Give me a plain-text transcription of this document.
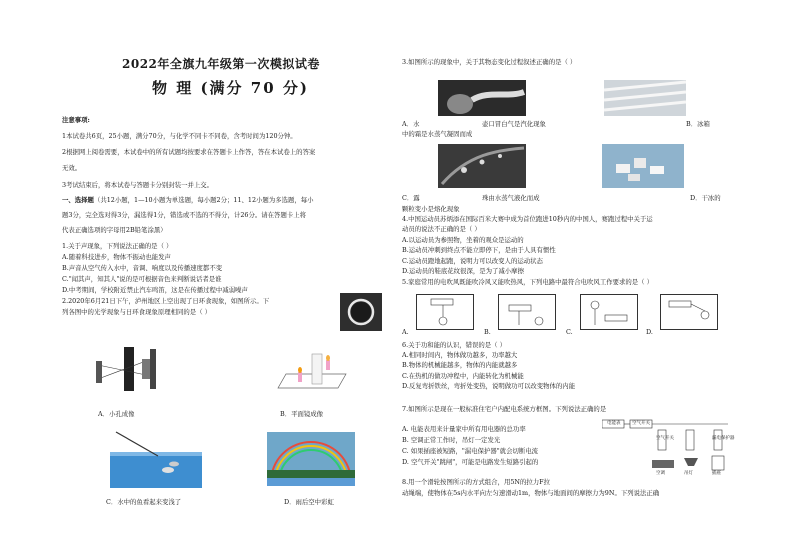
2022年全旗九年级第一次模拟试卷
物 理 (满分 70 分)
注意事项:
1本试卷共6页，25小题，满分70分，与化学不同卡不同卷，含考时间为120分钟。
2根据网上阅卷需要，本试卷中的所有试题均按要求在答题卡上作答，答在本试卷上的答案
无效。
3考试结束后，将本试卷与答题卡分别封装一并上交。
一、选择题（共12小题，1—10小题为单选题，每小题2分；11、12小题为多选题，每小
题3分，完全选对得3分，漏选得1分，错选或不选的不得分，计26分。请在答题卡上将
代表正确选项的字母用2B铅笔涂黑）
1.关于声现象，下列说法正确的是（ ）
A.随着科技进步，物体不振动也能发声
B.声音从空气传入水中，音调、响度以及传播速度都不变
C."闻其声，知其人"说的是可根据音色来判断说话者是谁
D.中考期间，学校附近禁止汽车鸣笛，这是在传播过程中减弱噪声
2.2020年6月21日下午，泸州地区上空出现了日环食现象，如图所示。下
列各图中的光学现象与日环食现象原理相同的是（ ）
A．小孔成像	B．平面镜成像
C．水中的鱼看起来变浅了	D．雨后空中彩虹
3.如图所示的现象中，关于其物态变化过程叙述正确的是（ ）
A．水	壶口冒白气是汽化现象	B．冰箱
中的霜是水蒸气凝固而成
C．露	珠由水蒸气液化而成	D．干冰的
颗粒变小是熔化现象
4.中国运动员苏炳添在国际百米大赛中成为首位跑进10秒内的中国人，赛跑过程中关于运
动员的说法不正确的是（ ）
A.以运动员为参照物，坐着的观众是运动的
B.运动员冲刺到终点不能立即停下，是由于人具有惯性
C.运动员蹬地起跑，说明力可以改变人的运动状态
D.运动员的鞋底花纹很深，是为了减小摩擦
5.家庭常用的电吹风既能吹冷风又能吹热风，下列电路中最符合电吹风工作要求的是（ ）
A.	B.	C.	D.
6.关于功和能的认识，错误的是（ ）
A.相同时间内，物体做功越多，功率越大
B.物体的机械能越多，物体的内能就越多
C.在热机的做功冲程中，内能转化为机械能
D.反复弯折铁丝，弯折处变热，说明做功可以改变物体的内能
7.如图所示是现在一般标准住宅户内配电系统方框图。下列说法正确的是
A. 电能表用来计量家中所有用电器的总功率
B. 空调正常工作时，吊灯一定发光
C. 如果插座被短路，"漏电保护器"就会切断电流
D. 空气开关"跳闸"，可能是电路发生短路引起的
电能表	空气开关
空气开关	漏电保护器
空调	吊灯	插座
8.用一个滑轮按图所示的方式组合，用5N的拉力F拉
动绳端，使物体在5s内水平向左匀速滑动1m，物体与地面间的摩擦力为9N。下列说法正确
